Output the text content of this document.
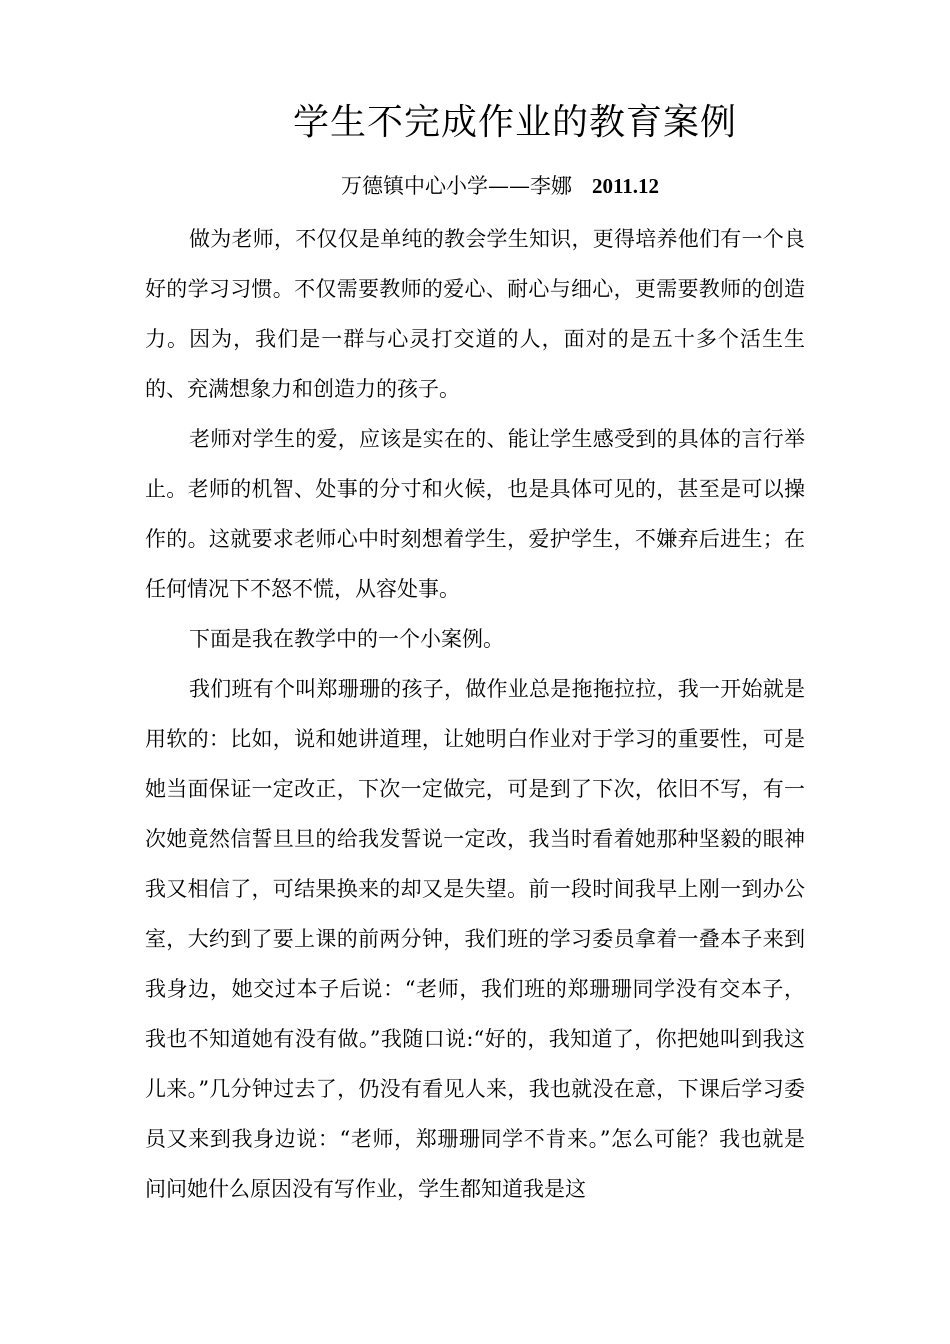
学生不完成作业的教育案例
万德镇中心小学——李娜 2011.12

做为老师，不仅仅是单纯的教会学生知识，更得培养他们有一个良好的学习习惯。不仅需要教师的爱心、耐心与细心，更需要教师的创造力。因为，我们是一群与心灵打交道的人，面对的是五十多个活生生的、充满想象力和创造力的孩子。

老师对学生的爱，应该是实在的、能让学生感受到的具体的言行举止。老师的机智、处事的分寸和火候，也是具体可见的，甚至是可以操作的。这就要求老师心中时刻想着学生，爱护学生，不嫌弃后进生；在任何情况下不怒不慌，从容处事。

下面是我在教学中的一个小案例。

我们班有个叫郑珊珊的孩子，做作业总是拖拖拉拉，我一开始就是用软的：比如，说和她讲道理，让她明白作业对于学习的重要性，可是她当面保证一定改正，下次一定做完，可是到了下次，依旧不写，有一次她竟然信誓旦旦的给我发誓说一定改，我当时看着她那种坚毅的眼神我又相信了，可结果换来的却又是失望。前一段时间我早上刚一到办公室，大约到了要上课的前两分钟，我们班的学习委员拿着一叠本子来到我身边，她交过本子后说：“老师，我们班的郑珊珊同学没有交本子，我也不知道她有没有做。”我随口说:“好的，我知道了，你把她叫到我这儿来。”几分钟过去了，仍没有看见人来，我也就没在意，下课后学习委员又来到我身边说：“老师，郑珊珊同学不肯来。”怎么可能？我也就是问问她什么原因没有写作业，学生都知道我是这
